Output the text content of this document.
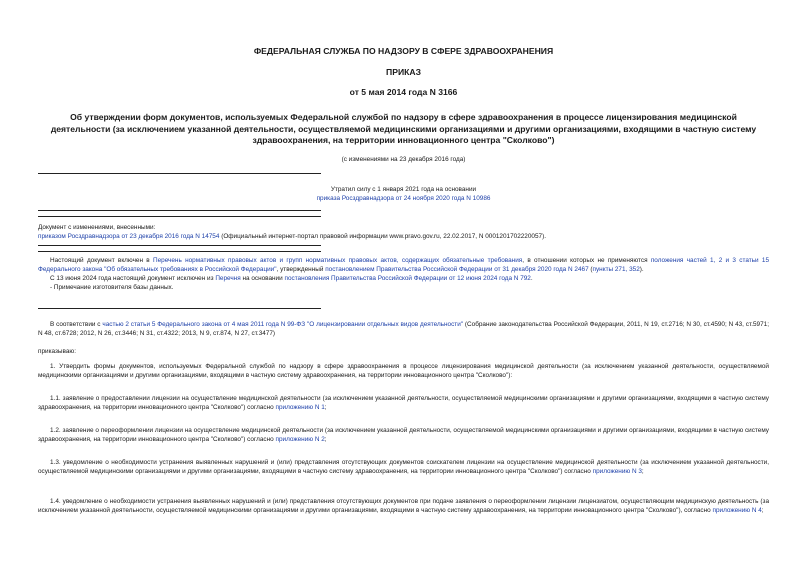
ФЕДЕРАЛЬНАЯ СЛУЖБА ПО НАДЗОРУ В СФЕРЕ ЗДРАВООХРАНЕНИЯ
ПРИКАЗ
от 5 мая 2014 года N 3166
Об утверждении форм документов, используемых Федеральной службой по надзору в сфере здравоохранения в процессе лицензирования медицинской деятельности (за исключением указанной деятельности, осуществляемой медицинскими организациями и другими организациями, входящими в частную систему здравоохранения, на территории инновационного центра "Сколково")
(с изменениями на 23 декабря 2016 года)
Утратил силу с 1 января 2021 года на основании
приказа Росздравнадзора от 24 ноября 2020 года N 10986
Документ с изменениями, внесенными:
приказом Росздравнадзора от 23 декабря 2016 года N 14754 (Официальный интернет-портал правовой информации www.pravo.gov.ru, 22.02.2017, N 0001201702220057).
Настоящий документ включен в Перечень нормативных правовых актов и групп нормативных правовых актов, содержащих обязательные требования, в отношении которых не применяются положения частей 1, 2 и 3 статьи 15 Федерального закона "Об обязательных требованиях в Российской Федерации", утвержденный постановлением Правительства Российской Федерации от 31 декабря 2020 года N 2467 (пункты 271, 352).
С 13 июня 2024 года настоящий документ исключен из Перечня на основании постановления Правительства Российской Федерации от 12 июня 2024 года N 792.
- Примечание изготовителя базы данных.
В соответствии с частью 2 статьи 5 Федерального закона от 4 мая 2011 года N 99-ФЗ "О лицензировании отдельных видов деятельности" (Собрание законодательства Российской Федерации, 2011, N 19, ст.2716; N 30, ст.4590; N 43, ст.5971; N 48, ст.6728; 2012, N 26, ст.3446; N 31, ст.4322; 2013, N 9, ст.874, N 27, ст.3477)
приказываю:
1. Утвердить формы документов, используемых Федеральной службой по надзору в сфере здравоохранения в процессе лицензирования медицинской деятельности (за исключением указанной деятельности, осуществляемой медицинскими организациями и другими организациями, входящими в частную систему здравоохранения, на территории инновационного центра "Сколково"):
1.1. заявление о предоставлении лицензии на осуществление медицинской деятельности (за исключением указанной деятельности, осуществляемой медицинскими организациями и другими организациями, входящими в частную систему здравоохранения, на территории инновационного центра "Сколково") согласно приложению N 1;
1.2. заявление о переоформлении лицензии на осуществление медицинской деятельности (за исключением указанной деятельности, осуществляемой медицинскими организациями и другими организациями, входящими в частную систему здравоохранения, на территории инновационного центра "Сколково") согласно приложению N 2;
1.3. уведомление о необходимости устранения выявленных нарушений и (или) представления отсутствующих документов соискателем лицензии на осуществление медицинской деятельности (за исключением указанной деятельности, осуществляемой медицинскими организациями и другими организациями, входящими в частную систему здравоохранения, на территории инновационного центра "Сколково") согласно приложению N 3;
1.4. уведомление о необходимости устранения выявленных нарушений и (или) представления отсутствующих документов при подаче заявления о переоформлении лицензии лицензиатом, осуществляющим медицинскую деятельность (за исключением указанной деятельности, осуществляемой медицинскими организациями и другими организациями, входящими в частную систему здравоохранения, на территории инновационного центра "Сколково"), согласно приложению N 4;
